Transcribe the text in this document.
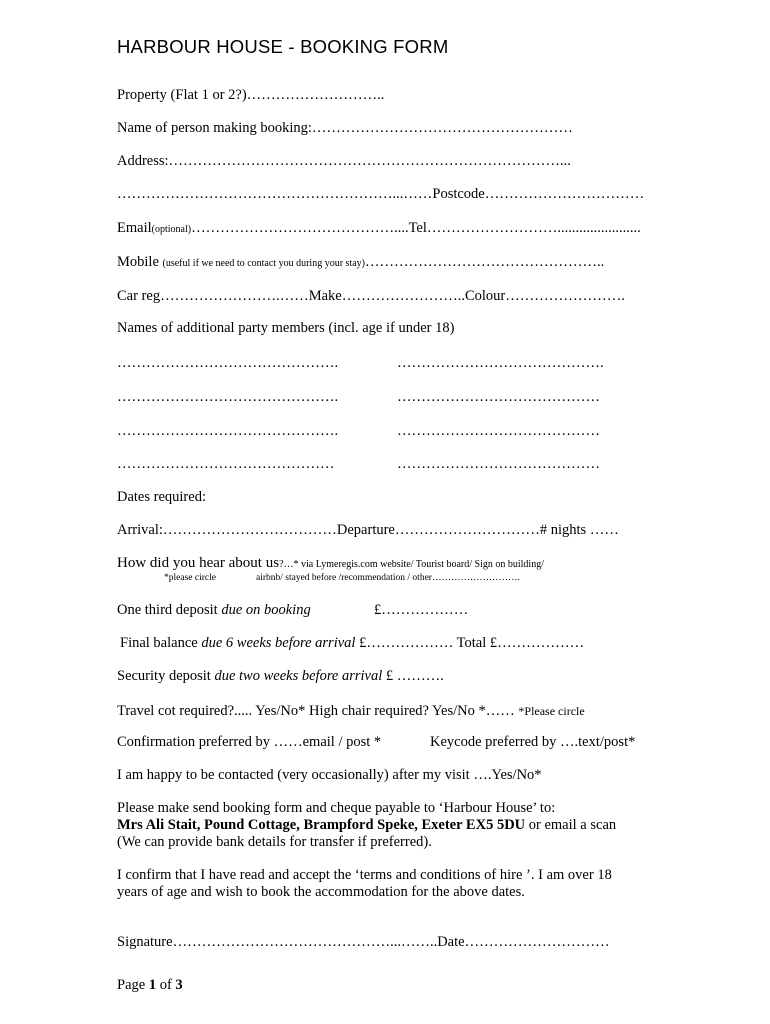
HARBOUR HOUSE - BOOKING FORM
Property (Flat 1 or 2?)………………………..
Name of person making booking:………………………………………………
Address:………………………………………………………………………...
…………………………………………………...……Postcode……………………………
Email(optional)……………………………………....Tel……………………….......................
Mobile (useful if we need to contact you during your stay)…………………………………………..
Car reg…………………….……Make……………………..Colour…………………….
Names of additional party members (incl. age if under 18)
……………………………………….	…………………………………….
……………………………………….	……………………………………
……………………………………….	……………………………………
………………………………………	……………………………………
Dates required:
Arrival:………………………………Departure…………………………# nights ……
How did you hear about us?…* via Lymeregis.com website/ Tourist board/ Sign on building/
*please circle	airbnb/ stayed before /recommendation / other……………………….
One third deposit due on booking	£………………
Final balance due 6 weeks before arrival £……………… Total £………………
Security deposit due two weeks before arrival £ ……….
Travel cot required?..... Yes/No* High chair required? Yes/No *…… *Please circle
Confirmation preferred by ……email / post *	Keycode preferred by ….text/post*
I am happy to be contacted (very occasionally) after my visit ….Yes/No*
Please make send booking form and cheque payable to ‘Harbour House’ to:
Mrs Ali Stait, Pound Cottage, Brampford Speke, Exeter EX5 5DU or email a scan
(We can provide bank details for transfer if preferred).
I confirm that I have read and accept the ‘terms and conditions of hire ’. I am over 18
years of age and wish to book the accommodation for the above dates.
Signature………………………………………...……..Date…………………………
Page 1 of 3
